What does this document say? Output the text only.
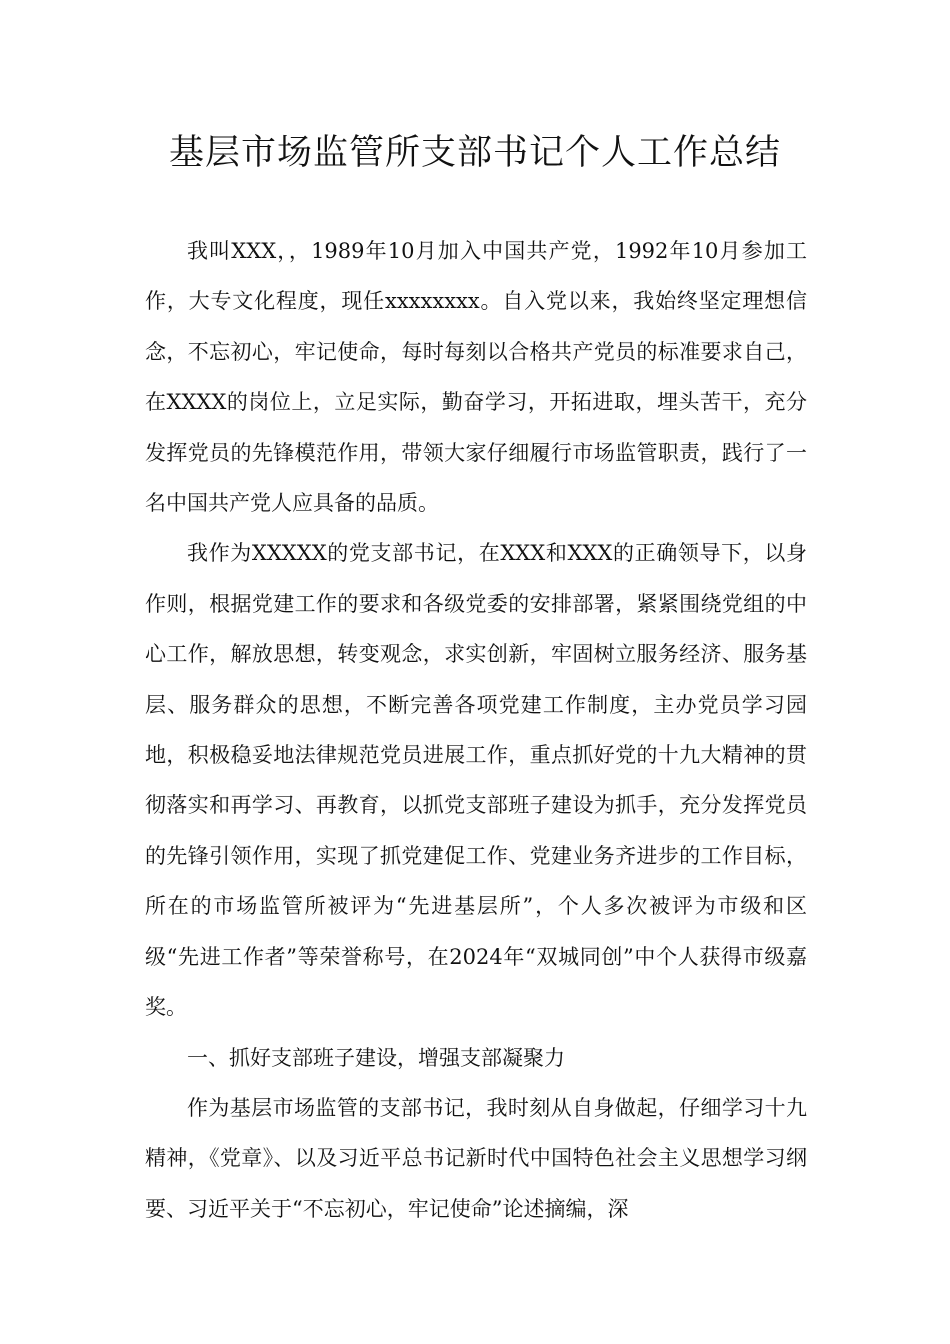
基层市场监管所支部书记个人工作总结

我叫XXX，，1989年10月加入中国共产党，1992年10月参加工作，大专文化程度，现任xxxxxxxx。自入党以来，我始终坚定理想信念，不忘初心，牢记使命，每时每刻以合格共产党员的标准要求自己，在XXXX的岗位上，立足实际，勤奋学习，开拓进取，埋头苦干，充分发挥党员的先锋模范作用，带领大家仔细履行市场监管职责，践行了一名中国共产党人应具备的品质。

我作为XXXXX的党支部书记，在XXX和XXX的正确领导下，以身作则，根据党建工作的要求和各级党委的安排部署，紧紧围绕党组的中心工作，解放思想，转变观念，求实创新，牢固树立服务经济、服务基层、服务群众的思想，不断完善各项党建工作制度，主办党员学习园地，积极稳妥地法律规范党员进展工作，重点抓好党的十九大精神的贯彻落实和再学习、再教育，以抓党支部班子建设为抓手，充分发挥党员的先锋引领作用，实现了抓党建促工作、党建业务齐进步的工作目标，所在的市场监管所被评为“先进基层所”，个人多次被评为市级和区级“先进工作者”等荣誉称号，在2024年“双城同创”中个人获得市级嘉奖。

一、抓好支部班子建设，增强支部凝聚力

作为基层市场监管的支部书记，我时刻从自身做起，仔细学习十九精神，《党章》、以及习近平总书记新时代中国特色社会主义思想学习纲要、习近平关于“不忘初心，牢记使命”论述摘编，深
